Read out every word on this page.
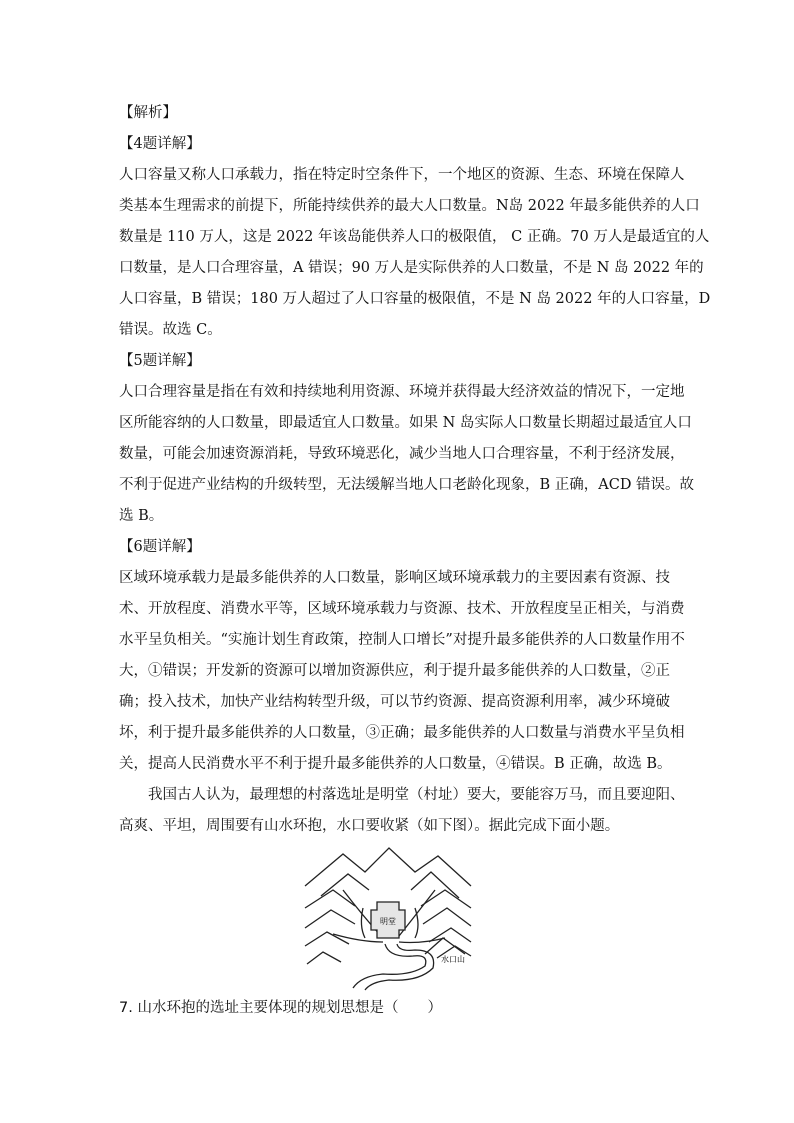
【解析】
【4题详解】
人口容量又称人口承载力，指在特定时空条件下，一个地区的资源、生态、环境在保障人
类基本生理需求的前提下，所能持续供养的最大人口数量。N岛 2022 年最多能供养的人口
数量是 110 万人，这是 2022 年该岛能供养人口的极限值， C 正确。70 万人是最适宜的人
口数量，是人口合理容量，A 错误；90 万人是实际供养的人口数量，不是 N 岛 2022 年的
人口容量，B 错误；180 万人超过了人口容量的极限值，不是 N 岛 2022 年的人口容量，D
错误。故选 C。
【5题详解】
人口合理容量是指在有效和持续地利用资源、环境并获得最大经济效益的情况下，一定地
区所能容纳的人口数量，即最适宜人口数量。如果 N 岛实际人口数量长期超过最适宜人口
数量，可能会加速资源消耗，导致环境恶化，减少当地人口合理容量，不利于经济发展，
不利于促进产业结构的升级转型，无法缓解当地人口老龄化现象，B 正确，ACD 错误。故
选 B。
【6题详解】
区域环境承载力是最多能供养的人口数量，影响区域环境承载力的主要因素有资源、技
术、开放程度、消费水平等，区域环境承载力与资源、技术、开放程度呈正相关，与消费
水平呈负相关。“实施计划生育政策，控制人口增长”对提升最多能供养的人口数量作用不
大，①错误；开发新的资源可以增加资源供应，利于提升最多能供养的人口数量，②正
确；投入技术，加快产业结构转型升级，可以节约资源、提高资源利用率，减少环境破
坏，利于提升最多能供养的人口数量，③正确；最多能供养的人口数量与消费水平呈负相
关，提高人民消费水平不利于提升最多能供养的人口数量，④错误。B 正确，故选 B。
我国古人认为，最理想的村落选址是明堂（村址）要大，要能容万马，而且要迎阳、
高爽、平坦，周围要有山水环抱，水口要收紧（如下图）。据此完成下面小题。
明堂
水口山
7. 山水环抱的选址主要体现的规划思想是（　　）
